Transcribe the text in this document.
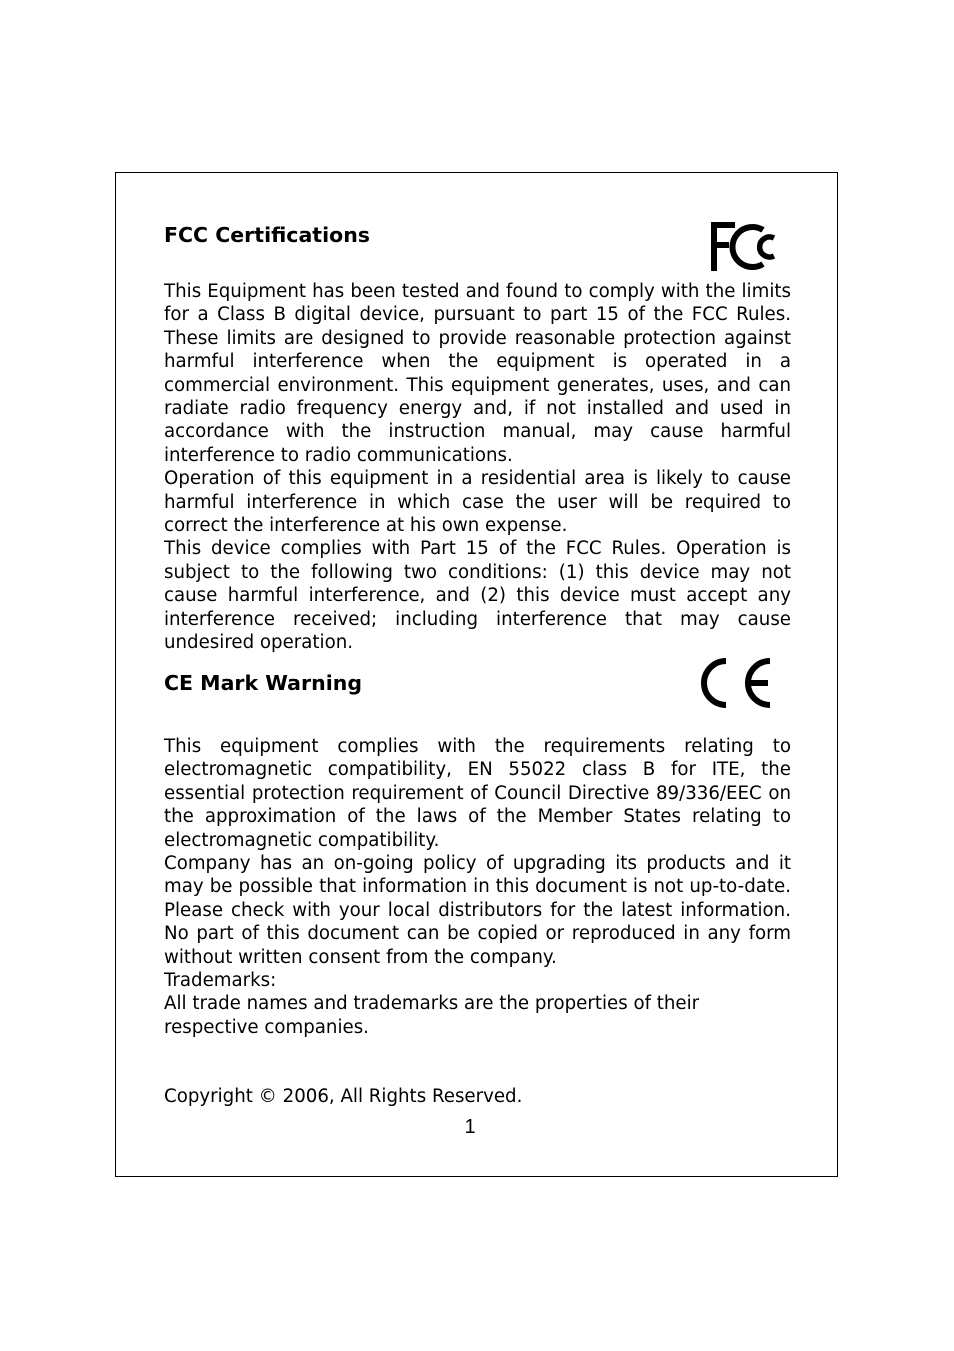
FCC Certifications

This Equipment has been tested and found to comply with the limits for a Class B digital device, pursuant to part 15 of the FCC Rules. These limits are designed to provide reasonable protection against harmful interference when the equipment is operated in a commercial environment. This equipment generates, uses, and can radiate radio frequency energy and, if not installed and used in accordance with the instruction manual, may cause harmful interference to radio communications.

Operation of this equipment in a residential area is likely to cause harmful interference in which case the user will be required to correct the interference at his own expense.

This device complies with Part 15 of the FCC Rules. Operation is subject to the following two conditions: (1) this device may not cause harmful interference, and (2) this device must accept any interference received; including interference that may cause undesired operation.

CE Mark Warning

This equipment complies with the requirements relating to electromagnetic compatibility, EN 55022 class B for ITE, the essential protection requirement of Council Directive 89/336/EEC on the approximation of the laws of the Member States relating to electromagnetic compatibility.

Company has an on-going policy of upgrading its products and it may be possible that information in this document is not up-to-date. Please check with your local distributors for the latest information. No part of this document can be copied or reproduced in any form without written consent from the company.

Trademarks:

All trade names and trademarks are the properties of their

respective companies.

Copyright © 2006, All Rights Reserved.

1
